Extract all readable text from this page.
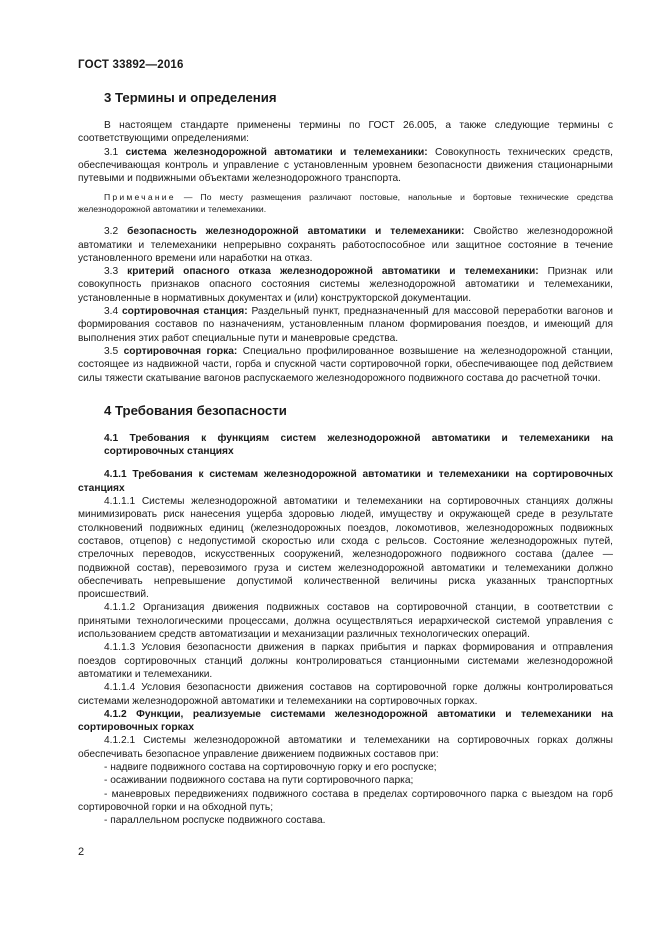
ГОСТ 33892—2016
3 Термины и определения

В настоящем стандарте применены термины по ГОСТ 26.005, а также следующие термины с соответствующими определениями:

3.1 система железнодорожной автоматики и телемеханики: Совокупность технических средств, обеспечивающая контроль и управление с установленным уровнем безопасности движения стационарными путевыми и подвижными объектами железнодорожного транспорта.

Примечание — По месту размещения различают постовые, напольные и бортовые технические средства железнодорожной автоматики и телемеханики.

3.2 безопасность железнодорожной автоматики и телемеханики: Свойство железнодорожной автоматики и телемеханики непрерывно сохранять работоспособное или защитное состояние в течение установленного времени или наработки на отказ.

3.3 критерий опасного отказа железнодорожной автоматики и телемеханики: Признак или совокупность признаков опасного состояния системы железнодорожной автоматики и телемеханики, установленные в нормативных документах и (или) конструкторской документации.

3.4 сортировочная станция: Раздельный пункт, предназначенный для массовой переработки вагонов и формирования составов по назначениям, установленным планом формирования поездов, и имеющий для выполнения этих работ специальные пути и маневровые средства.

3.5 сортировочная горка: Специально профилированное возвышение на железнодорожной станции, состоящее из надвижной части, горба и спускной части сортировочной горки, обеспечивающее под действием силы тяжести скатывание вагонов распускаемого железнодорожного подвижного состава до расчетной точки.

4 Требования безопасности

4.1 Требования к функциям систем железнодорожной автоматики и телемеханики на сортировочных станциях

4.1.1 Требования к системам железнодорожной автоматики и телемеханики на сортировочных станциях

4.1.1.1 Системы железнодорожной автоматики и телемеханики на сортировочных станциях должны минимизировать риск нанесения ущерба здоровью людей, имуществу и окружающей среде в результате столкновений подвижных единиц (железнодорожных поездов, локомотивов, железнодорожных подвижных составов, отцепов) с недопустимой скоростью или схода с рельсов. Состояние железнодорожных путей, стрелочных переводов, искусственных сооружений, железнодорожного подвижного состава (далее — подвижной состав), перевозимого груза и систем железнодорожной автоматики и телемеханики должно обеспечивать непревышение допустимой количественной величины риска указанных транспортных происшествий.

4.1.1.2 Организация движения подвижных составов на сортировочной станции, в соответствии с принятыми технологическими процессами, должна осуществляться иерархической системой управления с использованием средств автоматизации и механизации различных технологических операций.

4.1.1.3 Условия безопасности движения в парках прибытия и парках формирования и отправления поездов сортировочных станций должны контролироваться станционными системами железнодорожной автоматики и телемеханики.

4.1.1.4 Условия безопасности движения составов на сортировочной горке должны контролироваться системами железнодорожной автоматики и телемеханики на сортировочных горках.

4.1.2 Функции, реализуемые системами железнодорожной автоматики и телемеханики на сортировочных горках

4.1.2.1 Системы железнодорожной автоматики и телемеханики на сортировочных горках должны обеспечивать безопасное управление движением подвижных составов при:

- надвиге подвижного состава на сортировочную горку и его роспуске;

- осаживании подвижного состава на пути сортировочного парка;

- маневровых передвижениях подвижного состава в пределах сортировочного парка с выездом на горб сортировочной горки и на обходной путь;

- параллельном роспуске подвижного состава.

2
